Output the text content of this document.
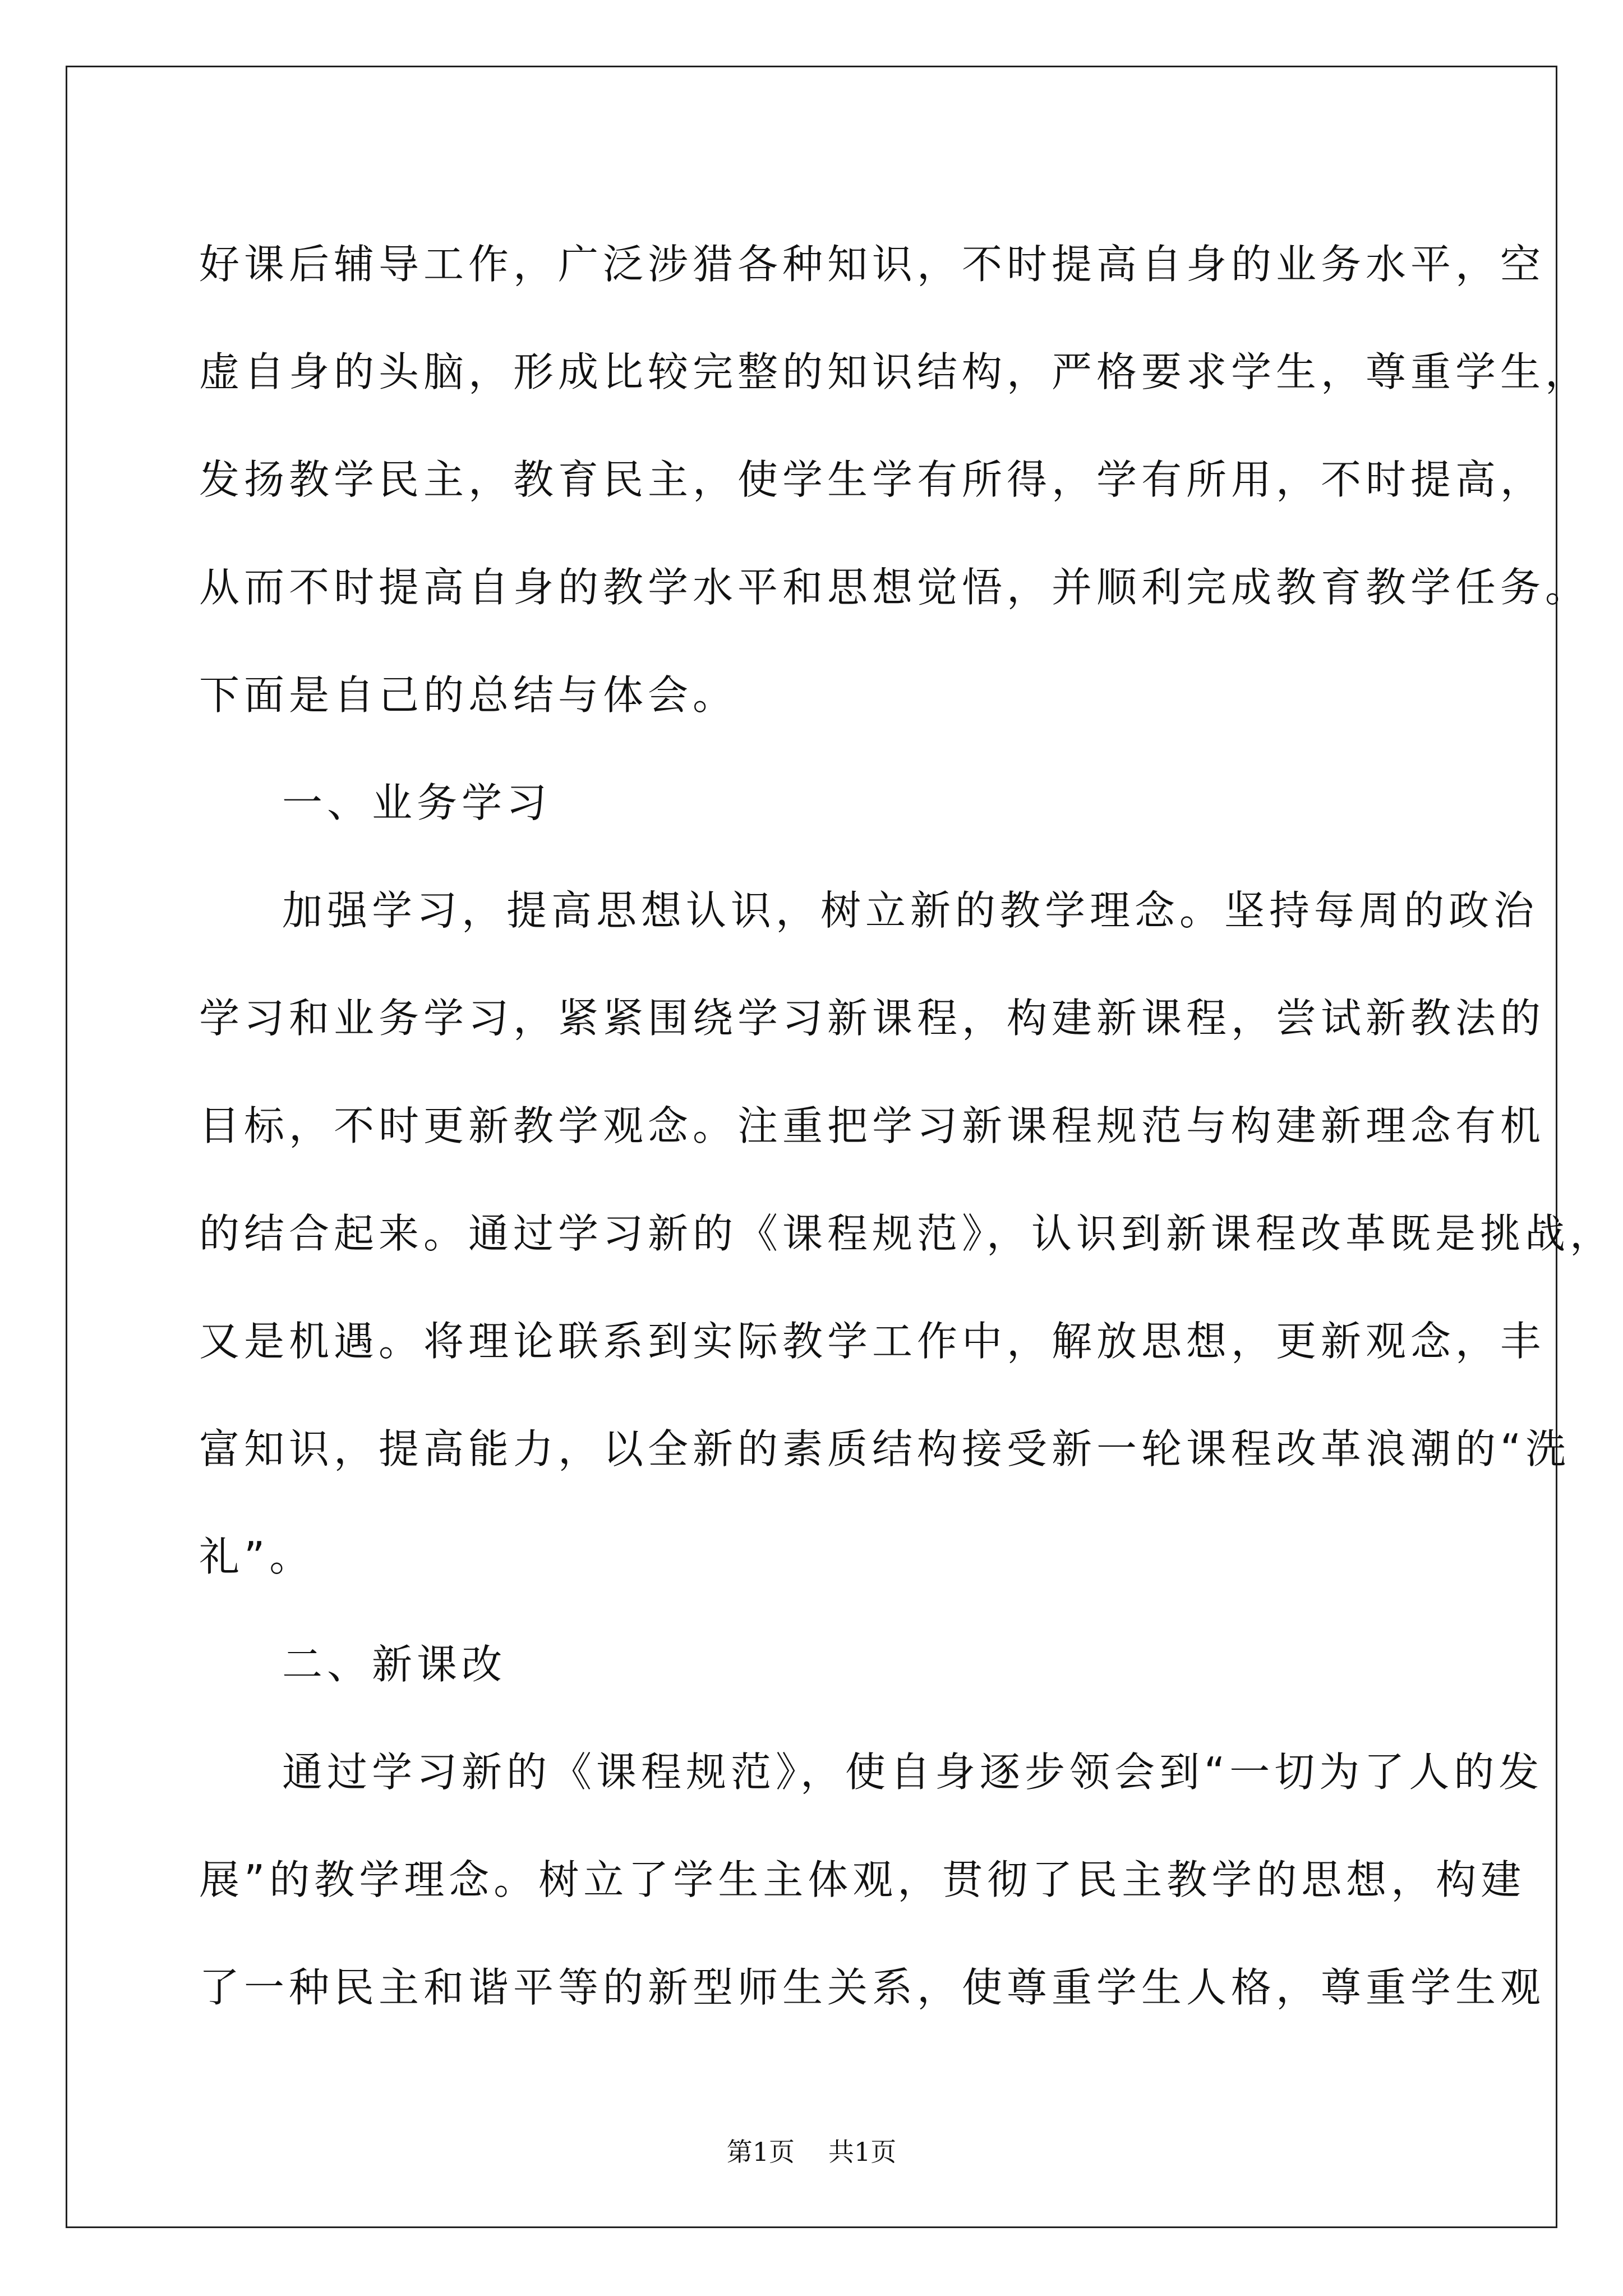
好课后辅导工作，广泛涉猎各种知识，不时提高自身的业务水平，空
虚自身的头脑，形成比较完整的知识结构，严格要求学生，尊重学生，
发扬教学民主，教育民主，使学生学有所得，学有所用，不时提高，
从而不时提高自身的教学水平和思想觉悟，并顺利完成教育教学任务。
下面是自己的总结与体会。
一、业务学习
加强学习，提高思想认识，树立新的教学理念。坚持每周的政治
学习和业务学习，紧紧围绕学习新课程，构建新课程，尝试新教法的
目标，不时更新教学观念。注重把学习新课程规范与构建新理念有机
的结合起来。通过学习新的《课程规范》，认识到新课程改革既是挑战，
又是机遇。将理论联系到实际教学工作中，解放思想，更新观念，丰
富知识，提高能力，以全新的素质结构接受新一轮课程改革浪潮的“洗
礼”。
二、新课改
通过学习新的《课程规范》，使自身逐步领会到“一切为了人的发
展”的教学理念。树立了学生主体观，贯彻了民主教学的思想，构建
了一种民主和谐平等的新型师生关系，使尊重学生人格，尊重学生观
第1页 共1页
